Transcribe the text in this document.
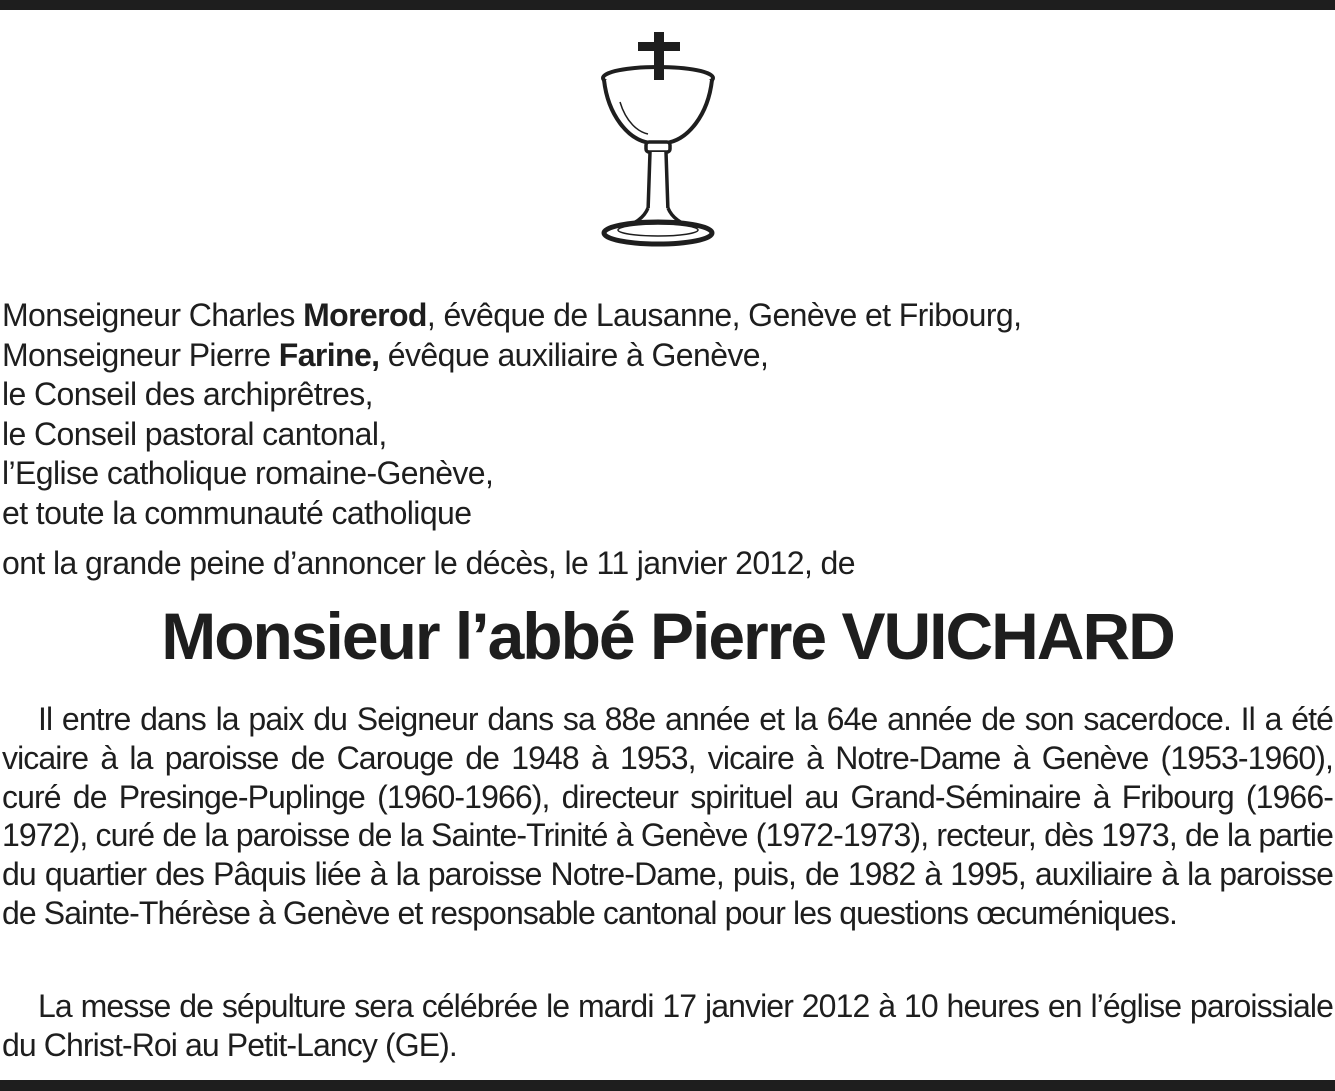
Monseigneur Charles Morerod, évêque de Lausanne, Genève et Fribourg,
Monseigneur Pierre Farine, évêque auxiliaire à Genève,
le Conseil des archiprêtres,
le Conseil pastoral cantonal,
l’Eglise catholique romaine-Genève,
et toute la communauté catholique
ont la grande peine d’annoncer le décès, le 11 janvier 2012, de
Monsieur l’abbé Pierre VUICHARD
Il entre dans la paix du Seigneur dans sa 88e année et la 64e année de son sacerdoce. Il a été vicaire à la paroisse de Carouge de 1948 à 1953, vicaire à Notre-Dame à Genève (1953-1960), curé de Presinge-Puplinge (1960-1966), directeur spirituel au Grand-Séminaire à Fribourg (1966-1972), curé de la paroisse de la Sainte-Trinité à Genève (1972-1973), recteur, dès 1973, de la partie du quartier des Pâquis liée à la paroisse Notre-Dame, puis, de 1982 à 1995, auxiliaire à la paroisse de Sainte-Thérèse à Genève et responsable cantonal pour les questions œcuméniques.
La messe de sépulture sera célébrée le mardi 17 janvier 2012 à 10 heures en l’église paroissiale du Christ-Roi au Petit-Lancy (GE).
